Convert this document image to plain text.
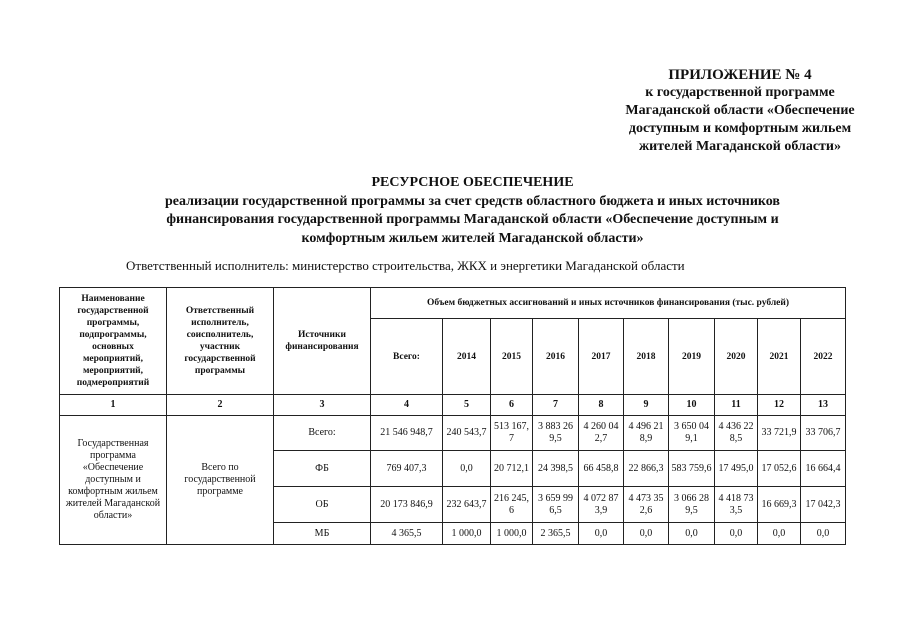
ПРИЛОЖЕНИЕ № 4
к государственной программе
Магаданской области «Обеспечение
доступным и комфортным жильем
жителей Магаданской области»
РЕСУРСНОЕ ОБЕСПЕЧЕНИЕ
реализации государственной программы за счет средств областного бюджета и иных источников
финансирования государственной программы Магаданской области «Обеспечение доступным и
комфортным жильем жителей Магаданской области»
Ответственный исполнитель: министерство строительства, ЖКХ и энергетики Магаданской области
Наименование государственной программы, подпрограммы, основных мероприятий, мероприятий, подмероприятий	Ответственный исполнитель, соисполнитель, участник государственной программы	Источники финансирования	Объем бюджетных ассигнований и иных источников финансирования (тыс. рублей)									
			Всего:	2014	2015	2016	2017	2018	2019	2020	2021	2022
1	2	3	4	5	6	7	8	9	10	11	12	13
Государственная программа «Обеспечение доступным и комфортным жильем жителей Магаданской области»	Всего по государственной программе	Всего:	21 546 948,7	240 543,7	513 167,7	3 883 269,5	4 260 042,7	4 496 218,9	3 650 049,1	4 436 228,5	33 721,9	33 706,7
		ФБ	769 407,3	0,0	20 712,1	24 398,5	66 458,8	22 866,3	583 759,6	17 495,0	17 052,6	16 664,4
		ОБ	20 173 846,9	232 643,7	216 245,6	3 659 996,5	4 072 873,9	4 473 352,6	3 066 289,5	4 418 733,5	16 669,3	17 042,3
		МБ	4 365,5	1 000,0	1 000,0	2 365,5	0,0	0,0	0,0	0,0	0,0	0,0
